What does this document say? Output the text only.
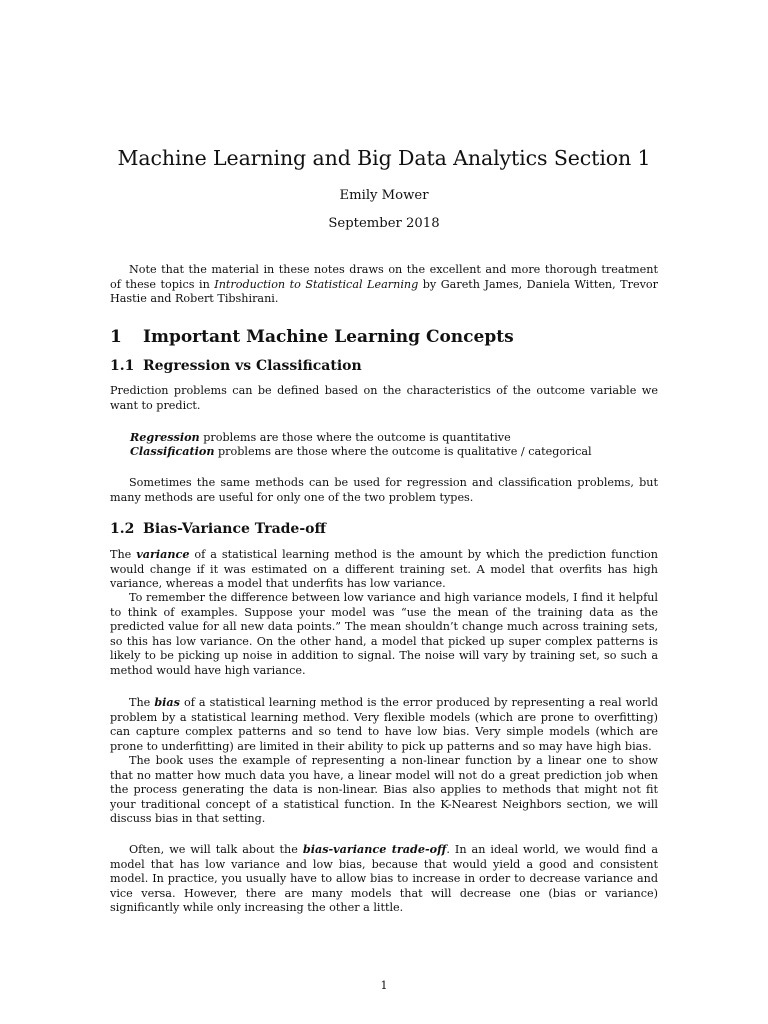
Machine Learning and Big Data Analytics Section 1
Emily Mower
September 2018

Note that the material in these notes draws on the excellent and more thorough treatment of these topics in Introduction to Statistical Learning by Gareth James, Daniela Witten, Trevor Hastie and Robert Tibshirani.

1 Important Machine Learning Concepts
1.1 Regression vs Classification

Prediction problems can be defined based on the characteristics of the outcome variable we want to predict.

Regression problems are those where the outcome is quantitative
Classification problems are those where the outcome is qualitative / categorical

Sometimes the same methods can be used for regression and classification problems, but many methods are useful for only one of the two problem types.

1.2 Bias-Variance Trade-off

The variance of a statistical learning method is the amount by which the prediction function would change if it was estimated on a different training set. A model that overfits has high variance, whereas a model that underfits has low variance.

To remember the difference between low variance and high variance models, I find it helpful to think of examples. Suppose your model was “use the mean of the training data as the predicted value for all new data points.” The mean shouldn’t change much across training sets, so this has low variance. On the other hand, a model that picked up super complex patterns is likely to be picking up noise in addition to signal. The noise will vary by training set, so such a method would have high variance.

The bias of a statistical learning method is the error produced by representing a real world problem by a statistical learning method. Very flexible models (which are prone to overfitting) can capture complex patterns and so tend to have low bias. Very simple models (which are prone to underfitting) are limited in their ability to pick up patterns and so may have high bias.

The book uses the example of representing a non-linear function by a linear one to show that no matter how much data you have, a linear model will not do a great prediction job when the process generating the data is non-linear. Bias also applies to methods that might not fit your traditional concept of a statistical function. In the K-Nearest Neighbors section, we will discuss bias in that setting.

Often, we will talk about the bias-variance trade-off. In an ideal world, we would find a model that has low variance and low bias, because that would yield a good and consistent model. In practice, you usually have to allow bias to increase in order to decrease variance and vice versa. However, there are many models that will decrease one (bias or variance) significantly while only increasing the other a little.

1
